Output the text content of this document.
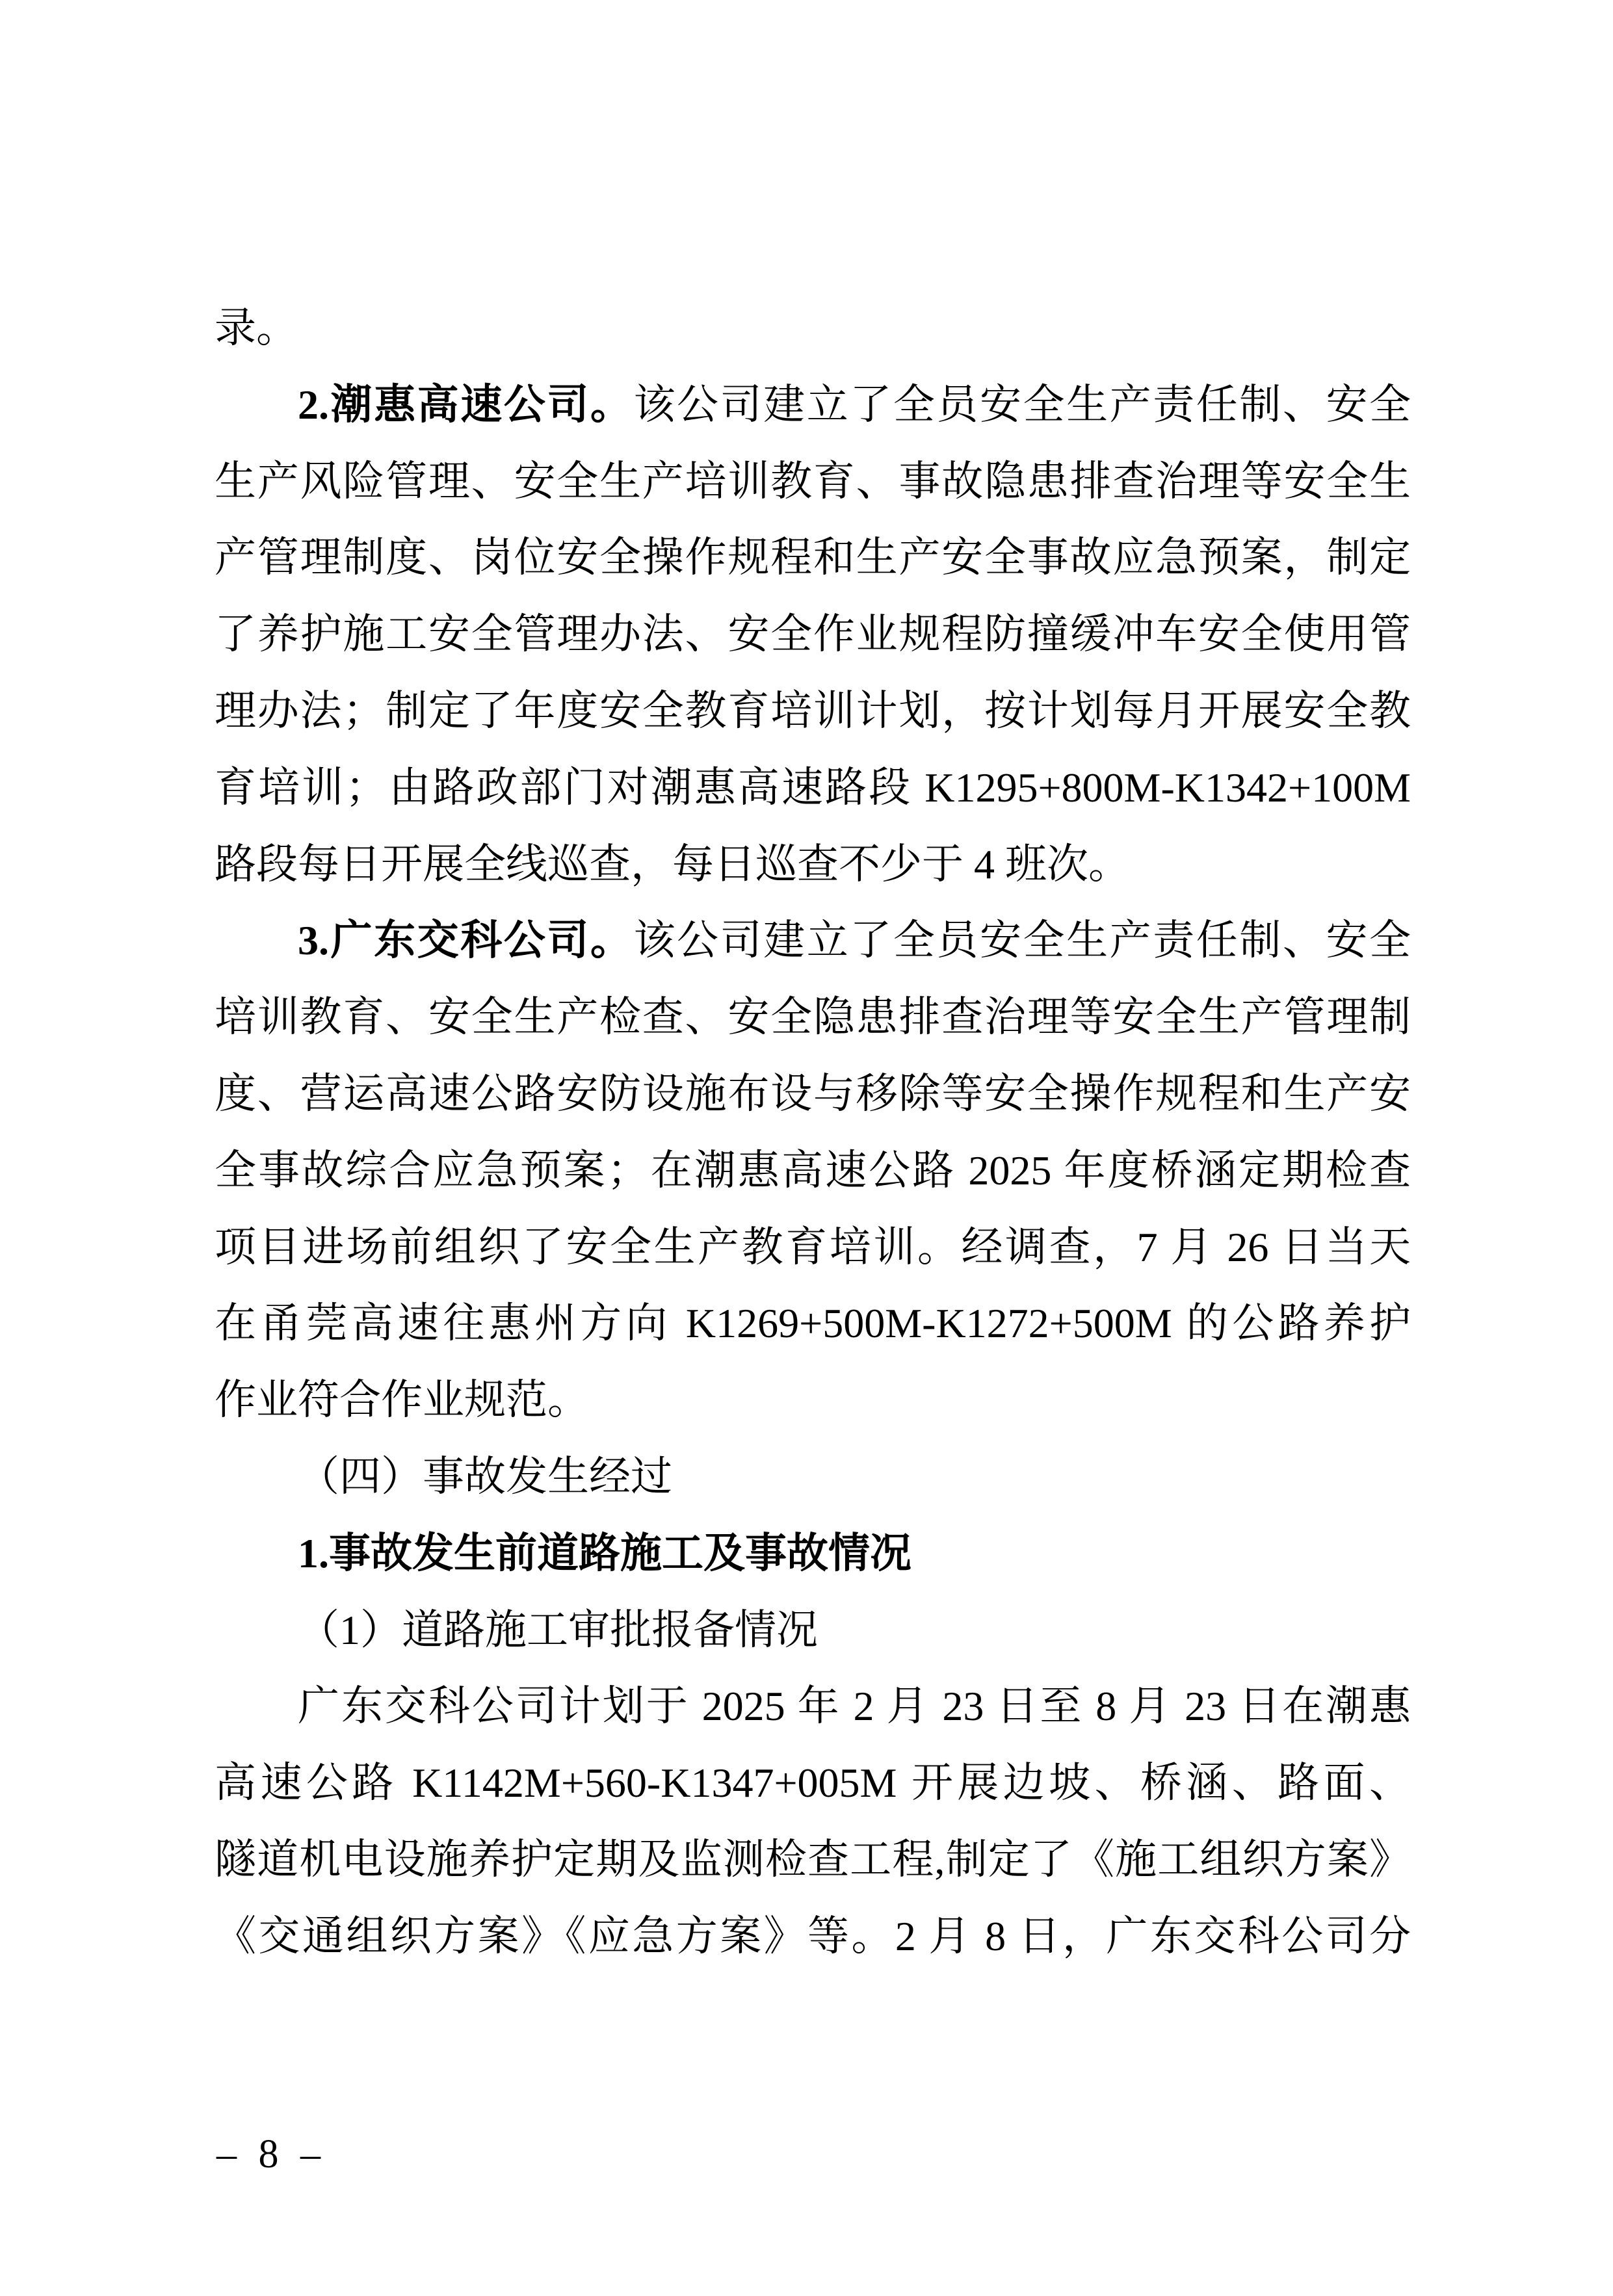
录。
2.潮惠高速公司。该公司建立了全员安全生产责任制、安全
生产风险管理、安全生产培训教育、事故隐患排查治理等安全生
产管理制度、岗位安全操作规程和生产安全事故应急预案，制定
了养护施工安全管理办法、安全作业规程防撞缓冲车安全使用管
理办法；制定了年度安全教育培训计划，按计划每月开展安全教
育培训；由路政部门对潮惠高速路段 K1295+800M-K1342+100M
路段每日开展全线巡查，每日巡查不少于 4 班次。
3.广东交科公司。该公司建立了全员安全生产责任制、安全
培训教育、安全生产检查、安全隐患排查治理等安全生产管理制
度、营运高速公路安防设施布设与移除等安全操作规程和生产安
全事故综合应急预案；在潮惠高速公路 2025 年度桥涵定期检查
项目进场前组织了安全生产教育培训。经调查，7 月 26 日当天
在甬莞高速往惠州方向 K1269+500M-K1272+500M 的公路养护
作业符合作业规范。
（四）事故发生经过
1.事故发生前道路施工及事故情况
（1）道路施工审批报备情况
广东交科公司计划于 2025 年 2 月 23 日至 8 月 23 日在潮惠
高速公路 K1142M+560-K1347+005M 开展边坡、桥涵、路面、
隧道机电设施养护定期及监测检查工程,制定了《施工组织方案》
《交通组织方案》《应急方案》等。2 月 8 日，广东交科公司分
– 8 –
